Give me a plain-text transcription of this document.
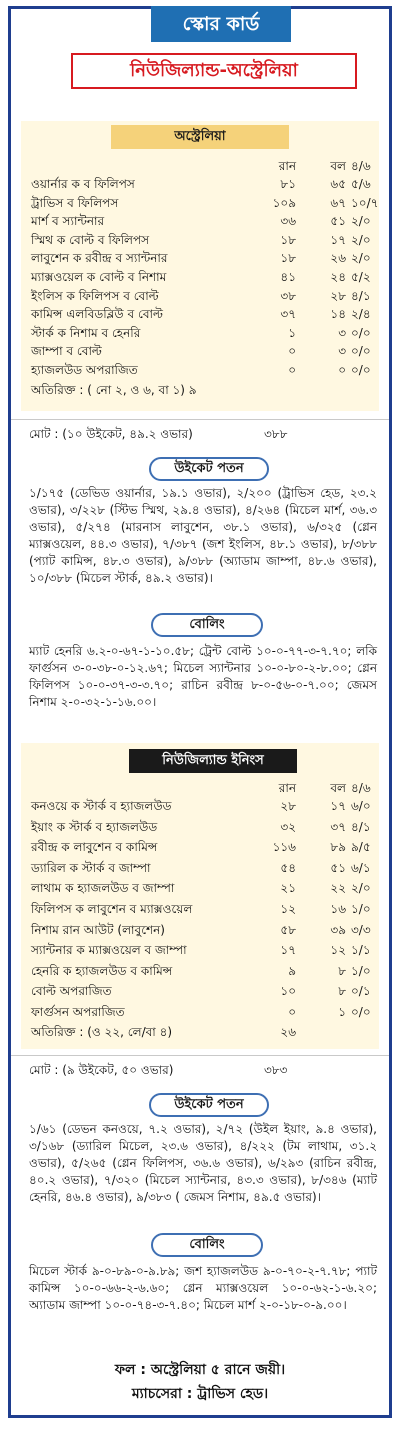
স্কোর কার্ড
নিউজিল্যান্ড-অস্ট্রেলিয়া
অস্ট্রেলিয়া
রান	বল ৪/৬
ওয়ার্নার ক ব ফিলিপস	৮১	৬৫ ৫/৬
ট্রাভিস ব ফিলিপস	১০৯	৬৭ ১০/৭
মার্শ ব স্যান্টনার	৩৬	৫১ ২/০
স্মিথ ক বোল্ট ব ফিলিপস	১৮	১৭ ২/০
লাবুশেন ক রবীন্দ্র ব স্যান্টনার	১৮	২৬ ২/০
ম্যাক্সওয়েল ক বোল্ট ব নিশাম	৪১	২৪ ৫/২
ইংলিস ক ফিলিপস ব বোল্ট	৩৮	২৮ ৪/১
কামিন্স এলবিডব্লিউ ব বোল্ট	৩৭	১৪ ২/৪
স্টার্ক ক নিশাম ব হেনরি	১	৩ ০/০
জাম্পা ব বোল্ট	০	৩ ০/০
হ্যাজলউড অপরাজিত	০	০ ০/০
অতিরিক্ত : ( নো ২, ও ৬, বা ১) ৯
মোট : (১০ উইকেট, ৪৯.২ ওভার)	৩৮৮
উইকেট পতন
১/১৭৫ (ডেভিড ওয়ার্নার, ১৯.১ ওভার), ২/২০০ (ট্রাভিস হেড, ২৩.২ ওভার), ৩/২২৮ (স্টিভ স্মিথ, ২৯.৪ ওভার), ৪/২৬৪ (মিচেল মার্শ, ৩৬.৩ ওভার), ৫/২৭৪ (মারনাস লাবুশেন, ৩৮.১ ওভার), ৬/৩২৫ (গ্লেন ম্যাক্সওয়েল, ৪৪.৩ ওভার), ৭/৩৮৭ (জশ ইংলিস, ৪৮.১ ওভার), ৮/৩৮৮ (প্যাট কামিন্স, ৪৮.৩ ওভার), ৯/৩৮৮ (অ্যাডাম জাম্পা, ৪৮.৬ ওভার), ১০/৩৮৮ (মিচেল স্টার্ক, ৪৯.২ ওভার)।
বোলিং
ম্যাট হেনরি ৬.২-০-৬৭-১-১০.৫৮; ট্রেন্ট বোল্ট ১০-০-৭৭-৩-৭.৭০; লকি ফার্গুসন ৩-০-৩৮-০-১২.৬৭; মিচেল স্যান্টনার ১০-০-৮০-২-৮.০০; গ্লেন ফিলিপস ১০-০-৩৭-৩-৩.৭০; রাচিন রবীন্দ্র ৮-০-৫৬-০-৭.০০; জেমস নিশাম ২-০-৩২-১-১৬.০০।
নিউজিল্যান্ড ইনিংস
রান	বল ৪/৬
কনওয়ে ক স্টার্ক ব হ্যাজলউড	২৮	১৭ ৬/০
ইয়াং ক স্টার্ক ব হ্যাজলউড	৩২	৩৭ ৪/১
রবীন্দ্র ক লাবুশেন ব কামিন্স	১১৬	৮৯ ৯/৫
ড্যারিল ক স্টার্ক ব জাম্পা	৫৪	৫১ ৬/১
লাথাম ক হ্যাজলউড ব জাম্পা	২১	২২ ২/০
ফিলিপস ক লাবুশেন ব ম্যাক্সওয়েল	১২	১৬ ১/০
নিশাম রান আউট (লাবুশেন)	৫৮	৩৯ ৩/৩
স্যান্টনার ক ম্যাক্সওয়েল ব জাম্পা	১৭	১২ ১/১
হেনরি ক হ্যাজলউড ব কামিন্স	৯	৮ ১/০
বোল্ট অপরাজিত	১০	৮ ০/১
ফার্গুসন অপরাজিত	০	১ ০/০
অতিরিক্ত : (ও ২২, লে/বা ৪)	২৬
মোট : (৯ উইকেট, ৫০ ওভার)	৩৮৩
উইকেট পতন
১/৬১ (ডেভন কনওয়ে, ৭.২ ওভার), ২/৭২ (উইল ইয়াং, ৯.৪ ওভার), ৩/১৬৮ (ড্যারিল মিচেল, ২৩.৬ ওভার), ৪/২২২ (টম লাথাম, ৩১.২ ওভার), ৫/২৬৫ (গ্লেন ফিলিপস, ৩৬.৬ ওভার), ৬/২৯৩ (রাচিন রবীন্দ্র, ৪০.২ ওভার), ৭/৩২০ (মিচেল স্যান্টনার, ৪৩.৩ ওভার), ৮/৩৪৬ (ম্যাট হেনরি, ৪৬.৪ ওভার), ৯/৩৮৩ ( জেমস নিশাম, ৪৯.৫ ওভার)।
বোলিং
মিচেল স্টার্ক ৯-০-৮৯-০-৯.৮৯; জশ হ্যাজলউড ৯-০-৭০-২-৭.৭৮; প্যাট কামিন্স ১০-০-৬৬-২-৬.৬০; গ্লেন ম্যাক্সওয়েল ১০-০-৬২-১-৬.২০; অ্যাডাম জাম্পা ১০-০-৭৪-৩-৭.৪০; মিচেল মার্শ ২-০-১৮-০-৯.০০।
ফল : অস্ট্রেলিয়া ৫ রানে জয়ী।
ম্যাচসেরা : ট্রাভিস হেড।
